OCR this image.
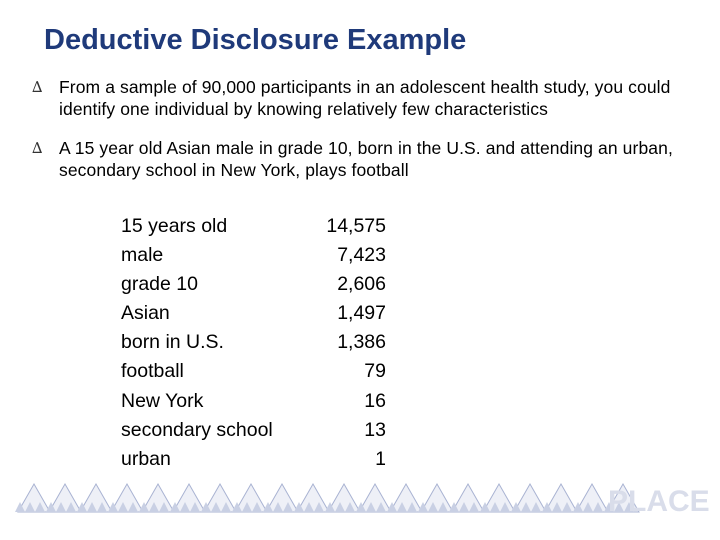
Deductive Disclosure Example
∆ From a sample of 90,000 participants in an adolescent health study, you could identify one individual by knowing relatively few characteristics
∆ A 15 year old Asian male in grade 10, born in the U.S. and attending an urban, secondary school in New York, plays football
15 years old	14,575
male	7,423
grade 10	2,606
Asian	1,497
born in U.S.	1,386
football	79
New York	16
secondary school	13
urban	1
PLACE
